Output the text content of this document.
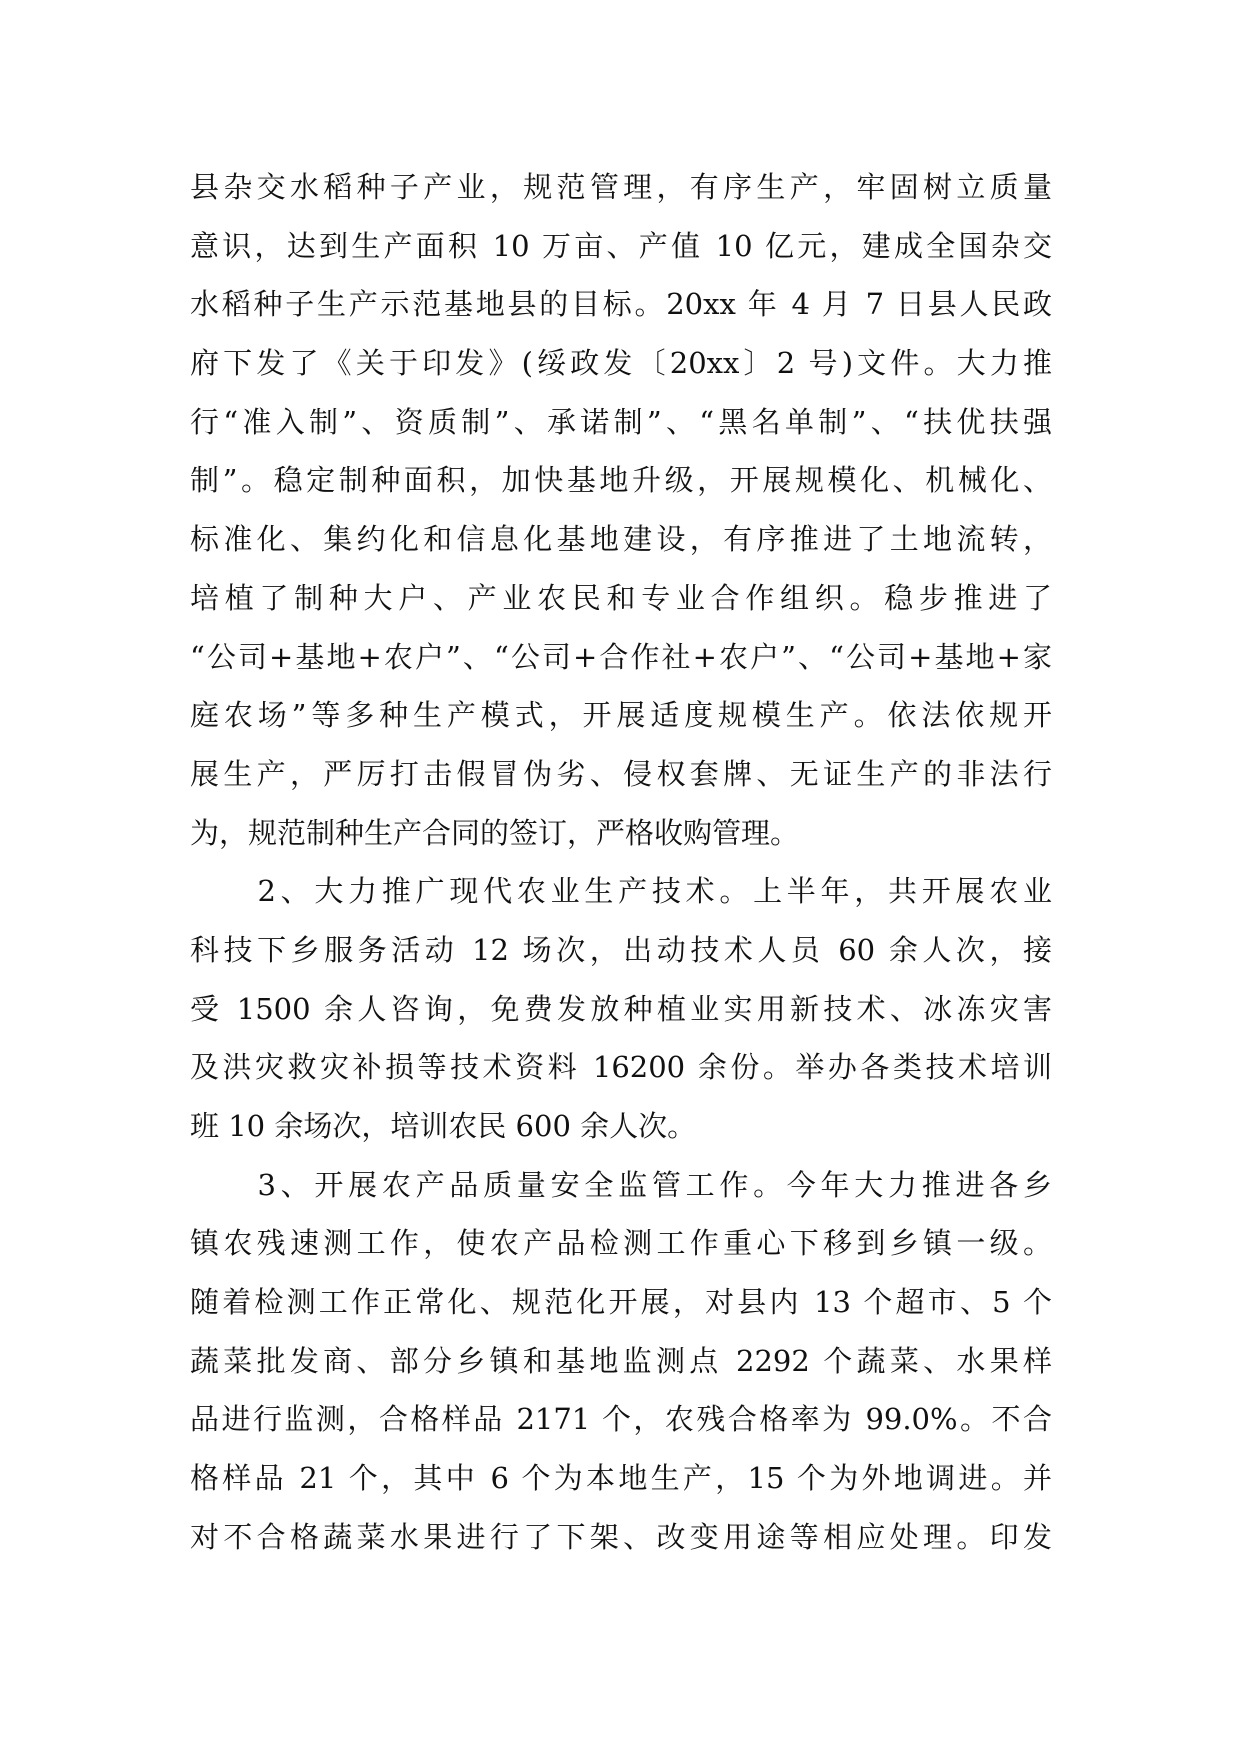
县杂交水稻种子产业，规范管理，有序生产，牢固树立质量
意识，达到生产面积 10 万亩、产值 10 亿元，建成全国杂交
水稻种子生产示范基地县的目标。20xx 年 4 月 7 日县人民政
府下发了《关于印发》(绥政发〔20xx〕2 号)文件。大力推
行“准入制”、资质制”、承诺制”、“黑名单制”、“扶优扶强
制”。稳定制种面积，加快基地升级，开展规模化、机械化、
标准化、集约化和信息化基地建设，有序推进了土地流转，
培植了制种大户、产业农民和专业合作组织。稳步推进了
“公司+基地+农户”、“公司+合作社+农户”、“公司+基地+家
庭农场”等多种生产模式，开展适度规模生产。依法依规开
展生产，严厉打击假冒伪劣、侵权套牌、无证生产的非法行
为，规范制种生产合同的签订，严格收购管理。
　　2、大力推广现代农业生产技术。上半年，共开展农业
科技下乡服务活动 12 场次，出动技术人员 60 余人次，接
受 1500 余人咨询，免费发放种植业实用新技术、冰冻灾害
及洪灾救灾补损等技术资料 16200 余份。举办各类技术培训
班 10 余场次，培训农民 600 余人次。
　　3、开展农产品质量安全监管工作。今年大力推进各乡
镇农残速测工作，使农产品检测工作重心下移到乡镇一级。
随着检测工作正常化、规范化开展，对县内 13 个超市、5 个
蔬菜批发商、部分乡镇和基地监测点 2292 个蔬菜、水果样
品进行监测，合格样品 2171 个，农残合格率为 99.0%。不合
格样品 21 个，其中 6 个为本地生产，15 个为外地调进。并
对不合格蔬菜水果进行了下架、改变用途等相应处理。印发
